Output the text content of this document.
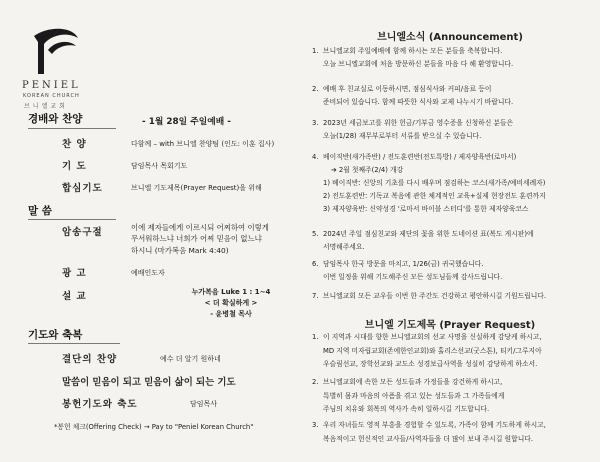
PENIEL
KOREAN CHURCH
브니엘교회
경배와 찬양	- 1월 28일 주일예배 -
찬 양	다함께 – with 브니엘 찬양팀 (인도: 이훈 집사)
기 도	담임목사 목회기도
합심기도	브니엘 기도제목(Prayer Request)을 위해
말 씀
암송구절	이에 제자들에게 이르시되 어찌하여 이렇게
무서워하느냐 너희가 어찌 믿음이 없느냐
하시니 (마가복음 Mark 4:40)
광 고	예배인도자
설 교	누가복음 Luke 1 : 1~4
< 더 확실하게 >
- 윤병철 목사
기도와 축복
결단의 찬양	예수 더 알기 원하네
말씀이 믿음이 되고 믿음이 삶이 되는 기도
봉헌기도와 축도	담임목사
*봉헌 체크(Offering Check) → Pay to "Peniel Korean Church"
브니엘소식 (Announcement)
1. 브니엘교회 주일예배에 함께 하시는 모든 분들을 축복합니다.
오늘 브니엘교회에 처음 방문하신 분들을 마음 다 해 환영합니다.
2. 예배 후 친교실로 이동하시면, 점심식사와 커피/음료 등이
준비되어 있습니다. 함께 따뜻한 식사와 교제 나누시기 바랍니다.
3. 2023년 세금보고를 위한 헌금/기부금 영수증을 신청하신 분들은
오늘(1/28) 재무부로부터 서류를 받으실 수 있습니다.
4. 베이직반(새가족반) / 전도훈련반(전도특방) / 제자양육반(로마서)
➔ 2월 첫째주(2/4) 개강
1) 베이직반: 신앙의 기초를 다시 배우며 점검하는 코스(새가족/예비세례자)
2) 전도훈련반: 기독교 복음에 관한 체계적인 교육+실제 현장전도 훈련까지
3) 제자양육반: 신약성경 '로마서 바이블 스터디'를 통한 제자양육코스
5. 2024년 주일 점심친교와 제단의 꽃을 위한 도네이션 표(복도 게시판)에
서명해주세요.
6. 담임목사 한국 방문을 마치고, 1/26(금) 귀국했습니다.
이번 일정을 위해 기도해주신 모든 성도님들께 감사드립니다.
7. 브니엘교회 모든 교우들 이번 한 주간도 건강하고 평안하시길 기원드립니다.
브니엘 기도제목 (Prayer Request)
1. 이 지역과 시대를 향한 브니엘교회의 선교 사명을 신실하게 감당케 하시고,
MD 지역 미자립교회(존에한인교회)와 홀리스선교(굿스톤), 티키/그루지아
우슬림선교, 장학선교와 교도소 성경보급사역을 성실히 감당하게 하소서.
2. 브니엘교회에 속한 모든 성도들과 가정들을 강건하게 하시고,
특별히 몸과 마음의 아픔을 겪고 있는 성도들과 그 가족들에게
주님의 치유와 회복의 역사가 속히 일하시길 기도합니다.
3. 우리 자녀들도 영적 부흥을 경험할 수 있도록, 가족이 함께 기도하게 하시고,
복음적이고 헌신적인 교사들/사역자들을 더 많이 보내 주시길 원합니다.
